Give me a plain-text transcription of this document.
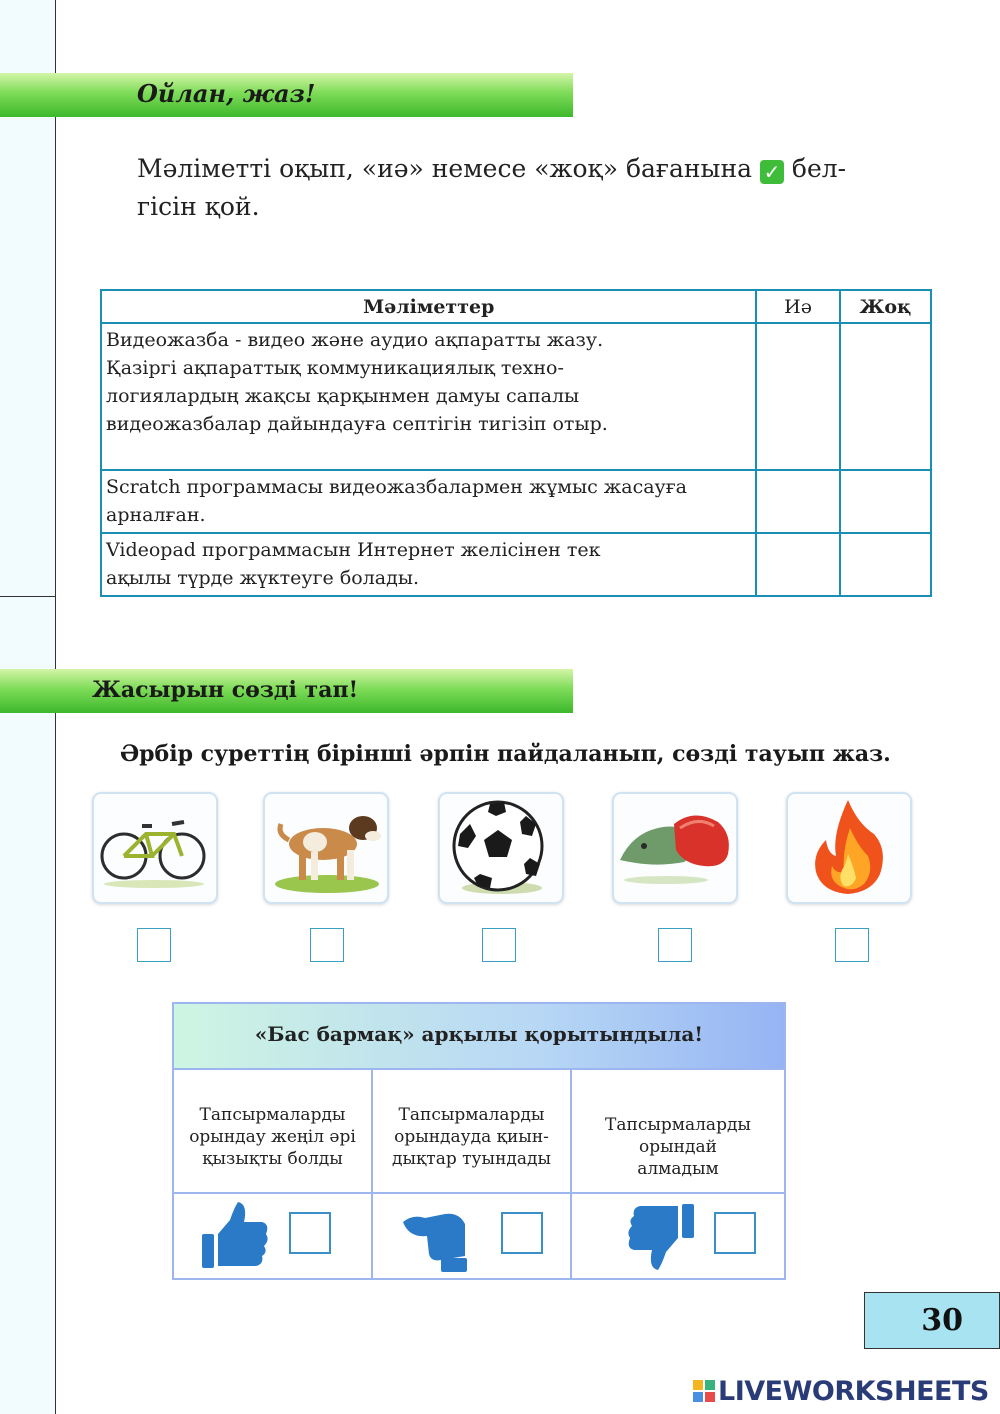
Ойлан, жаз!
Мәліметті оқып, «иә» немесе «жоқ» бағанына ✓ бел-
гісін қой.
Мәліметтер	Иә	Жоқ

Видеожазба - видео және аудио ақпаратты жазу.
Қазіргі ақпараттық коммуникациялық техно-
логиялардың жақсы қарқынмен дамуы сапалы
видеожазбалар дайындауға септігін тигізіп отыр.		

Scratch программасы видеожазбалармен жұмыс жасауға
арналған.		

Videopad программасын Интернет желісінен тек
ақылы түрде жүктеуге болады.		

Жасырын сөзді тап!
Әрбір суреттің бірінші әрпін пайдаланып, сөзді тауып жаз.
«Бас бармақ» арқылы қорытындыла!
Тапсырмаларды
орындау жеңіл әрі
қызықты болды
Тапсырмаларды
орындауда қиын-
дықтар туындады
Тапсырмаларды
орындай
алмадым
30
LIVEWORKSHEETS
